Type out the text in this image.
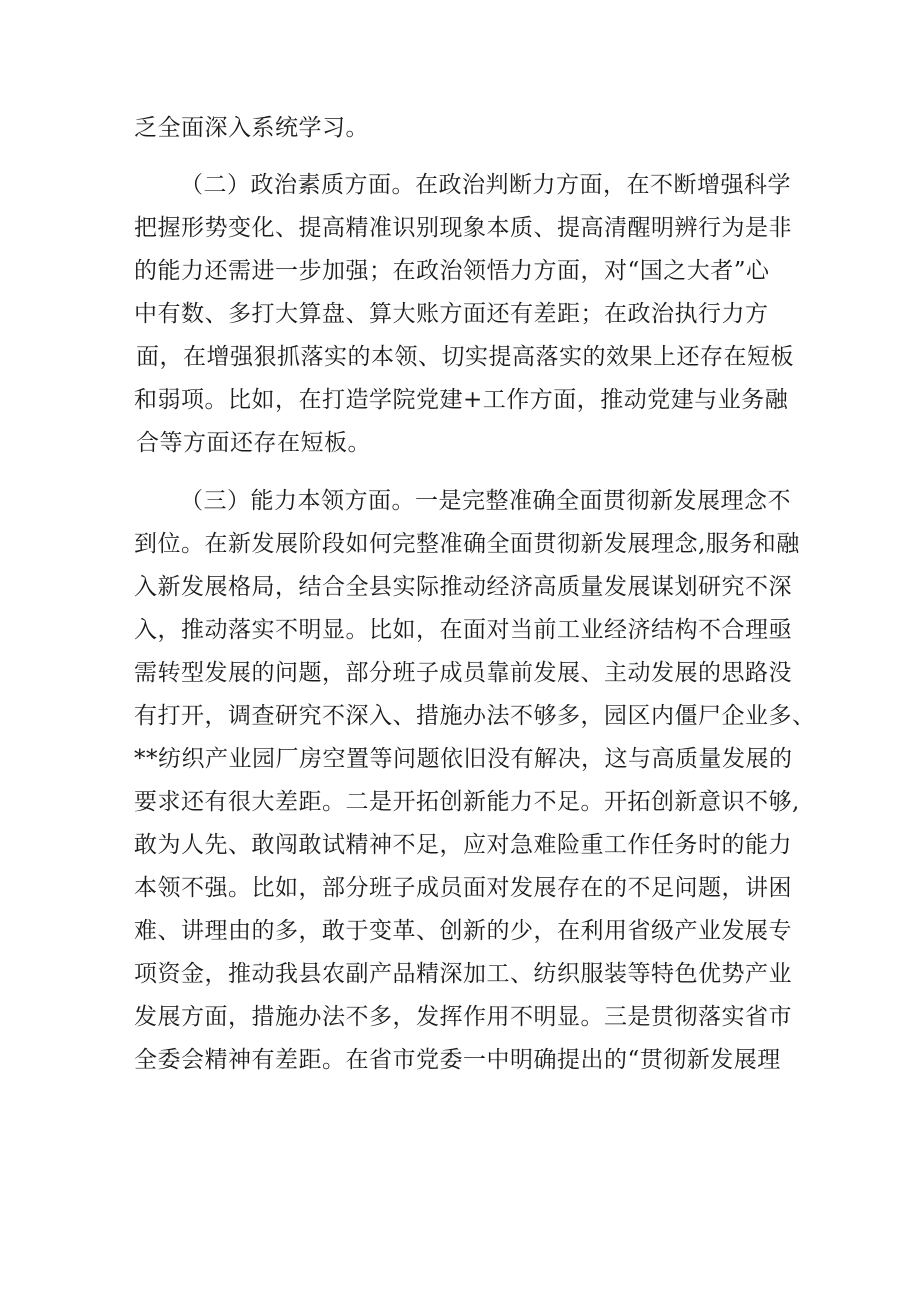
乏全面深入系统学习。
（二）政治素质方面。在政治判断力方面，在不断增强科学
把握形势变化、提高精准识别现象本质、提高清醒明辨行为是非
的能力还需进一步加强；在政治领悟力方面，对“国之大者”心
中有数、多打大算盘、算大账方面还有差距；在政治执行力方
面，在增强狠抓落实的本领、切实提高落实的效果上还存在短板
和弱项。比如，在打造学院党建+工作方面，推动党建与业务融
合等方面还存在短板。
（三）能力本领方面。一是完整准确全面贯彻新发展理念不
到位。在新发展阶段如何完整准确全面贯彻新发展理念,服务和融
入新发展格局，结合全县实际推动经济高质量发展谋划研究不深
入，推动落实不明显。比如，在面对当前工业经济结构不合理亟
需转型发展的问题，部分班子成员靠前发展、主动发展的思路没
有打开，调查研究不深入、措施办法不够多，园区内僵尸企业多、
**纺织产业园厂房空置等问题依旧没有解决，这与高质量发展的
要求还有很大差距。二是开拓创新能力不足。开拓创新意识不够,
敢为人先、敢闯敢试精神不足，应对急难险重工作任务时的能力
本领不强。比如，部分班子成员面对发展存在的不足问题，讲困
难、讲理由的多，敢于变革、创新的少，在利用省级产业发展专
项资金，推动我县农副产品精深加工、纺织服装等特色优势产业
发展方面，措施办法不多，发挥作用不明显。三是贯彻落实省市
全委会精神有差距。在省市党委一中明确提出的“贯彻新发展理
